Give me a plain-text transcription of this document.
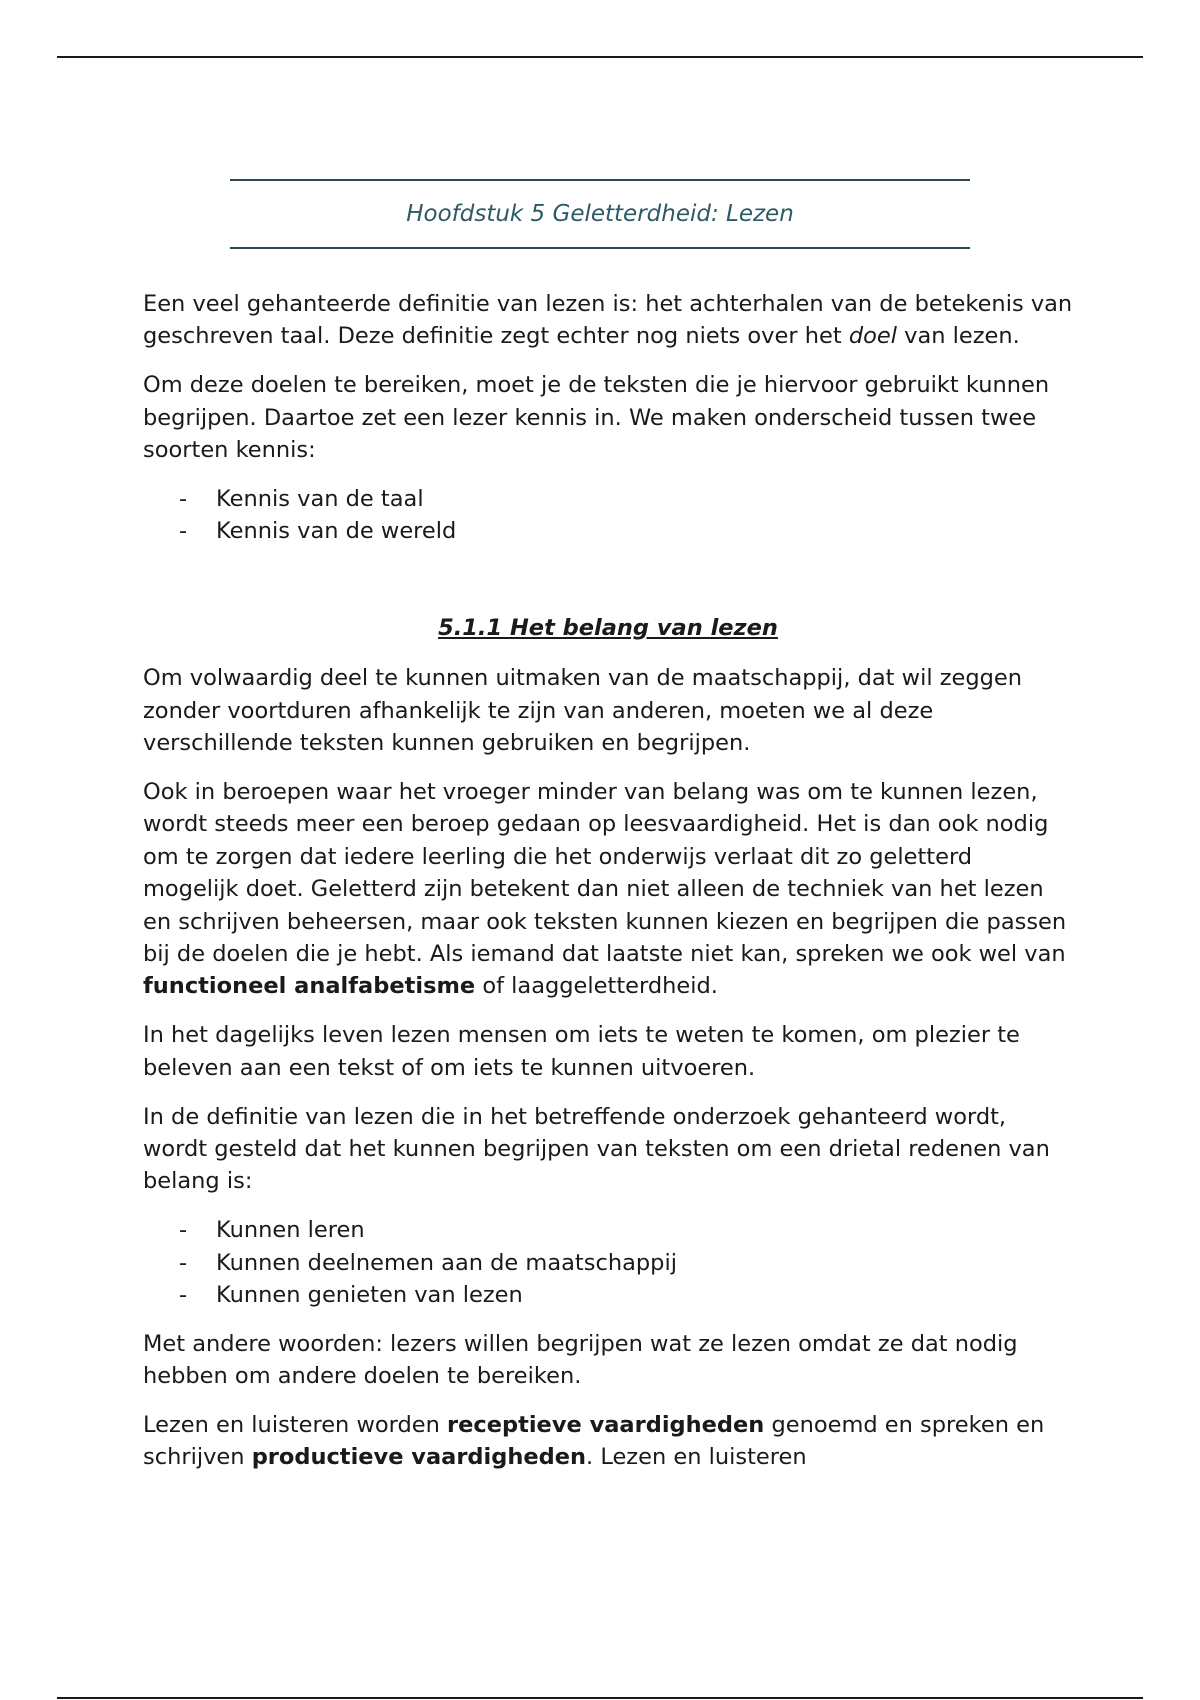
Hoofdstuk 5 Geletterdheid: Lezen

Een veel gehanteerde definitie van lezen is: het achterhalen van de betekenis van geschreven taal. Deze definitie zegt echter nog niets over het doel van lezen.

Om deze doelen te bereiken, moet je de teksten die je hiervoor gebruikt kunnen begrijpen. Daartoe zet een lezer kennis in. We maken onderscheid tussen twee soorten kennis:

- Kennis van de taal
- Kennis van de wereld
5.1.1 Het belang van lezen

Om volwaardig deel te kunnen uitmaken van de maatschappij, dat wil zeggen zonder voortduren afhankelijk te zijn van anderen, moeten we al deze verschillende teksten kunnen gebruiken en begrijpen.

Ook in beroepen waar het vroeger minder van belang was om te kunnen lezen, wordt steeds meer een beroep gedaan op leesvaardigheid. Het is dan ook nodig om te zorgen dat iedere leerling die het onderwijs verlaat dit zo geletterd mogelijk doet. Geletterd zijn betekent dan niet alleen de techniek van het lezen en schrijven beheersen, maar ook teksten kunnen kiezen en begrijpen die passen bij de doelen die je hebt. Als iemand dat laatste niet kan, spreken we ook wel van functioneel analfabetisme of laaggeletterdheid.

In het dagelijks leven lezen mensen om iets te weten te komen, om plezier te beleven aan een tekst of om iets te kunnen uitvoeren.

In de definitie van lezen die in het betreffende onderzoek gehanteerd wordt, wordt gesteld dat het kunnen begrijpen van teksten om een drietal redenen van belang is:

- Kunnen leren
- Kunnen deelnemen aan de maatschappij
- Kunnen genieten van lezen

Met andere woorden: lezers willen begrijpen wat ze lezen omdat ze dat nodig hebben om andere doelen te bereiken.

Lezen en luisteren worden receptieve vaardigheden genoemd en spreken en schrijven productieve vaardigheden. Lezen en luisteren
